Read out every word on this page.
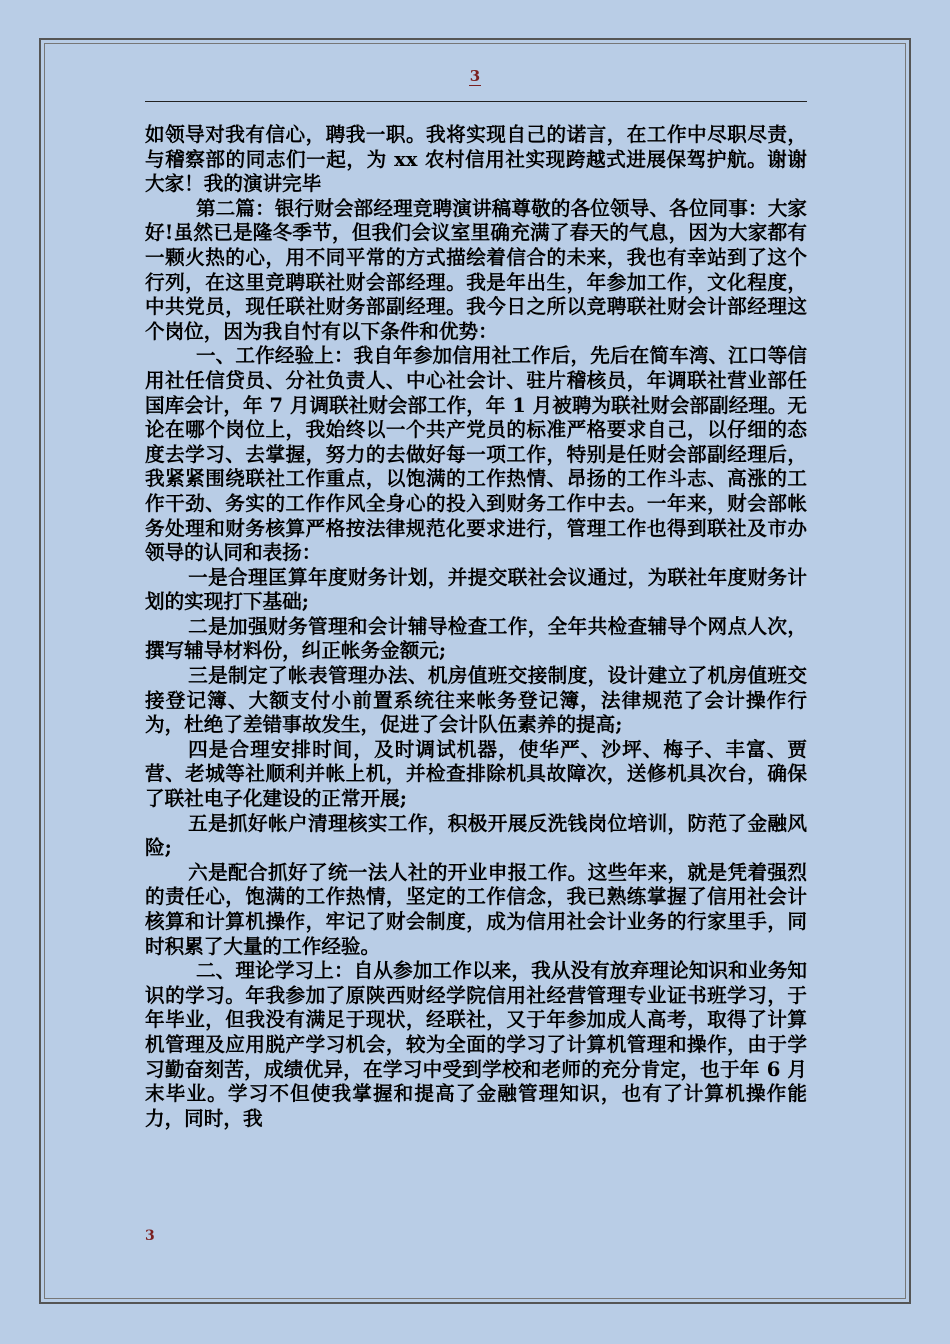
3

如领导对我有信心，聘我一职。我将实现自己的诺言，在工作中尽职尽责，与稽察部的同志们一起，为 xx 农村信用社实现跨越式进展保驾护航。谢谢大家！我的演讲完毕

第二篇：银行财会部经理竞聘演讲稿尊敬的各位领导、各位同事：大家好!虽然已是隆冬季节，但我们会议室里确充满了春天的气息，因为大家都有一颗火热的心，用不同平常的方式描绘着信合的未来，我也有幸站到了这个行列，在这里竞聘联社财会部经理。我是年出生，年参加工作，文化程度，中共党员，现任联社财务部副经理。我今日之所以竞聘联社财会计部经理这个岗位，因为我自忖有以下条件和优势：

一、工作经验上：我自年参加信用社工作后，先后在简车湾、江口等信用社任信贷员、分社负责人、中心社会计、驻片稽核员，年调联社营业部任国库会计，年 7 月调联社财会部工作，年 1 月被聘为联社财会部副经理。无论在哪个岗位上，我始终以一个共产党员的标准严格要求自己，以仔细的态度去学习、去掌握，努力的去做好每一项工作，特别是任财会部副经理后，我紧紧围绕联社工作重点，以饱满的工作热情、昂扬的工作斗志、高涨的工作干劲、务实的工作作风全身心的投入到财务工作中去。一年来，财会部帐务处理和财务核算严格按法律规范化要求进行，管理工作也得到联社及市办领导的认同和表扬：

一是合理匡算年度财务计划，并提交联社会议通过，为联社年度财务计划的实现打下基础;

二是加强财务管理和会计辅导检查工作，全年共检查辅导个网点人次，撰写辅导材料份，纠正帐务金额元;

三是制定了帐表管理办法、机房值班交接制度，设计建立了机房值班交接登记簿、大额支付小前置系统往来帐务登记簿，法律规范了会计操作行为，杜绝了差错事故发生，促进了会计队伍素养的提高;

四是合理安排时间，及时调试机器，使华严、沙坪、梅子、丰富、贾营、老城等社顺利并帐上机，并检查排除机具故障次，送修机具次台，确保了联社电子化建设的正常开展;

五是抓好帐户清理核实工作，积极开展反洗钱岗位培训，防范了金融风险;

六是配合抓好了统一法人社的开业申报工作。这些年来，就是凭着强烈的责任心，饱满的工作热情，坚定的工作信念，我已熟练掌握了信用社会计核算和计算机操作，牢记了财会制度，成为信用社会计业务的行家里手，同时积累了大量的工作经验。

二、理论学习上：自从参加工作以来，我从没有放弃理论知识和业务知识的学习。年我参加了原陕西财经学院信用社经营管理专业证书班学习，于年毕业，但我没有满足于现状，经联社，又于年参加成人高考，取得了计算机管理及应用脱产学习机会，较为全面的学习了计算机管理和操作，由于学习勤奋刻苦，成绩优异，在学习中受到学校和老师的充分肯定，也于年 6 月末毕业。学习不但使我掌握和提高了金融管理知识，也有了计算机操作能力，同时，我

3
